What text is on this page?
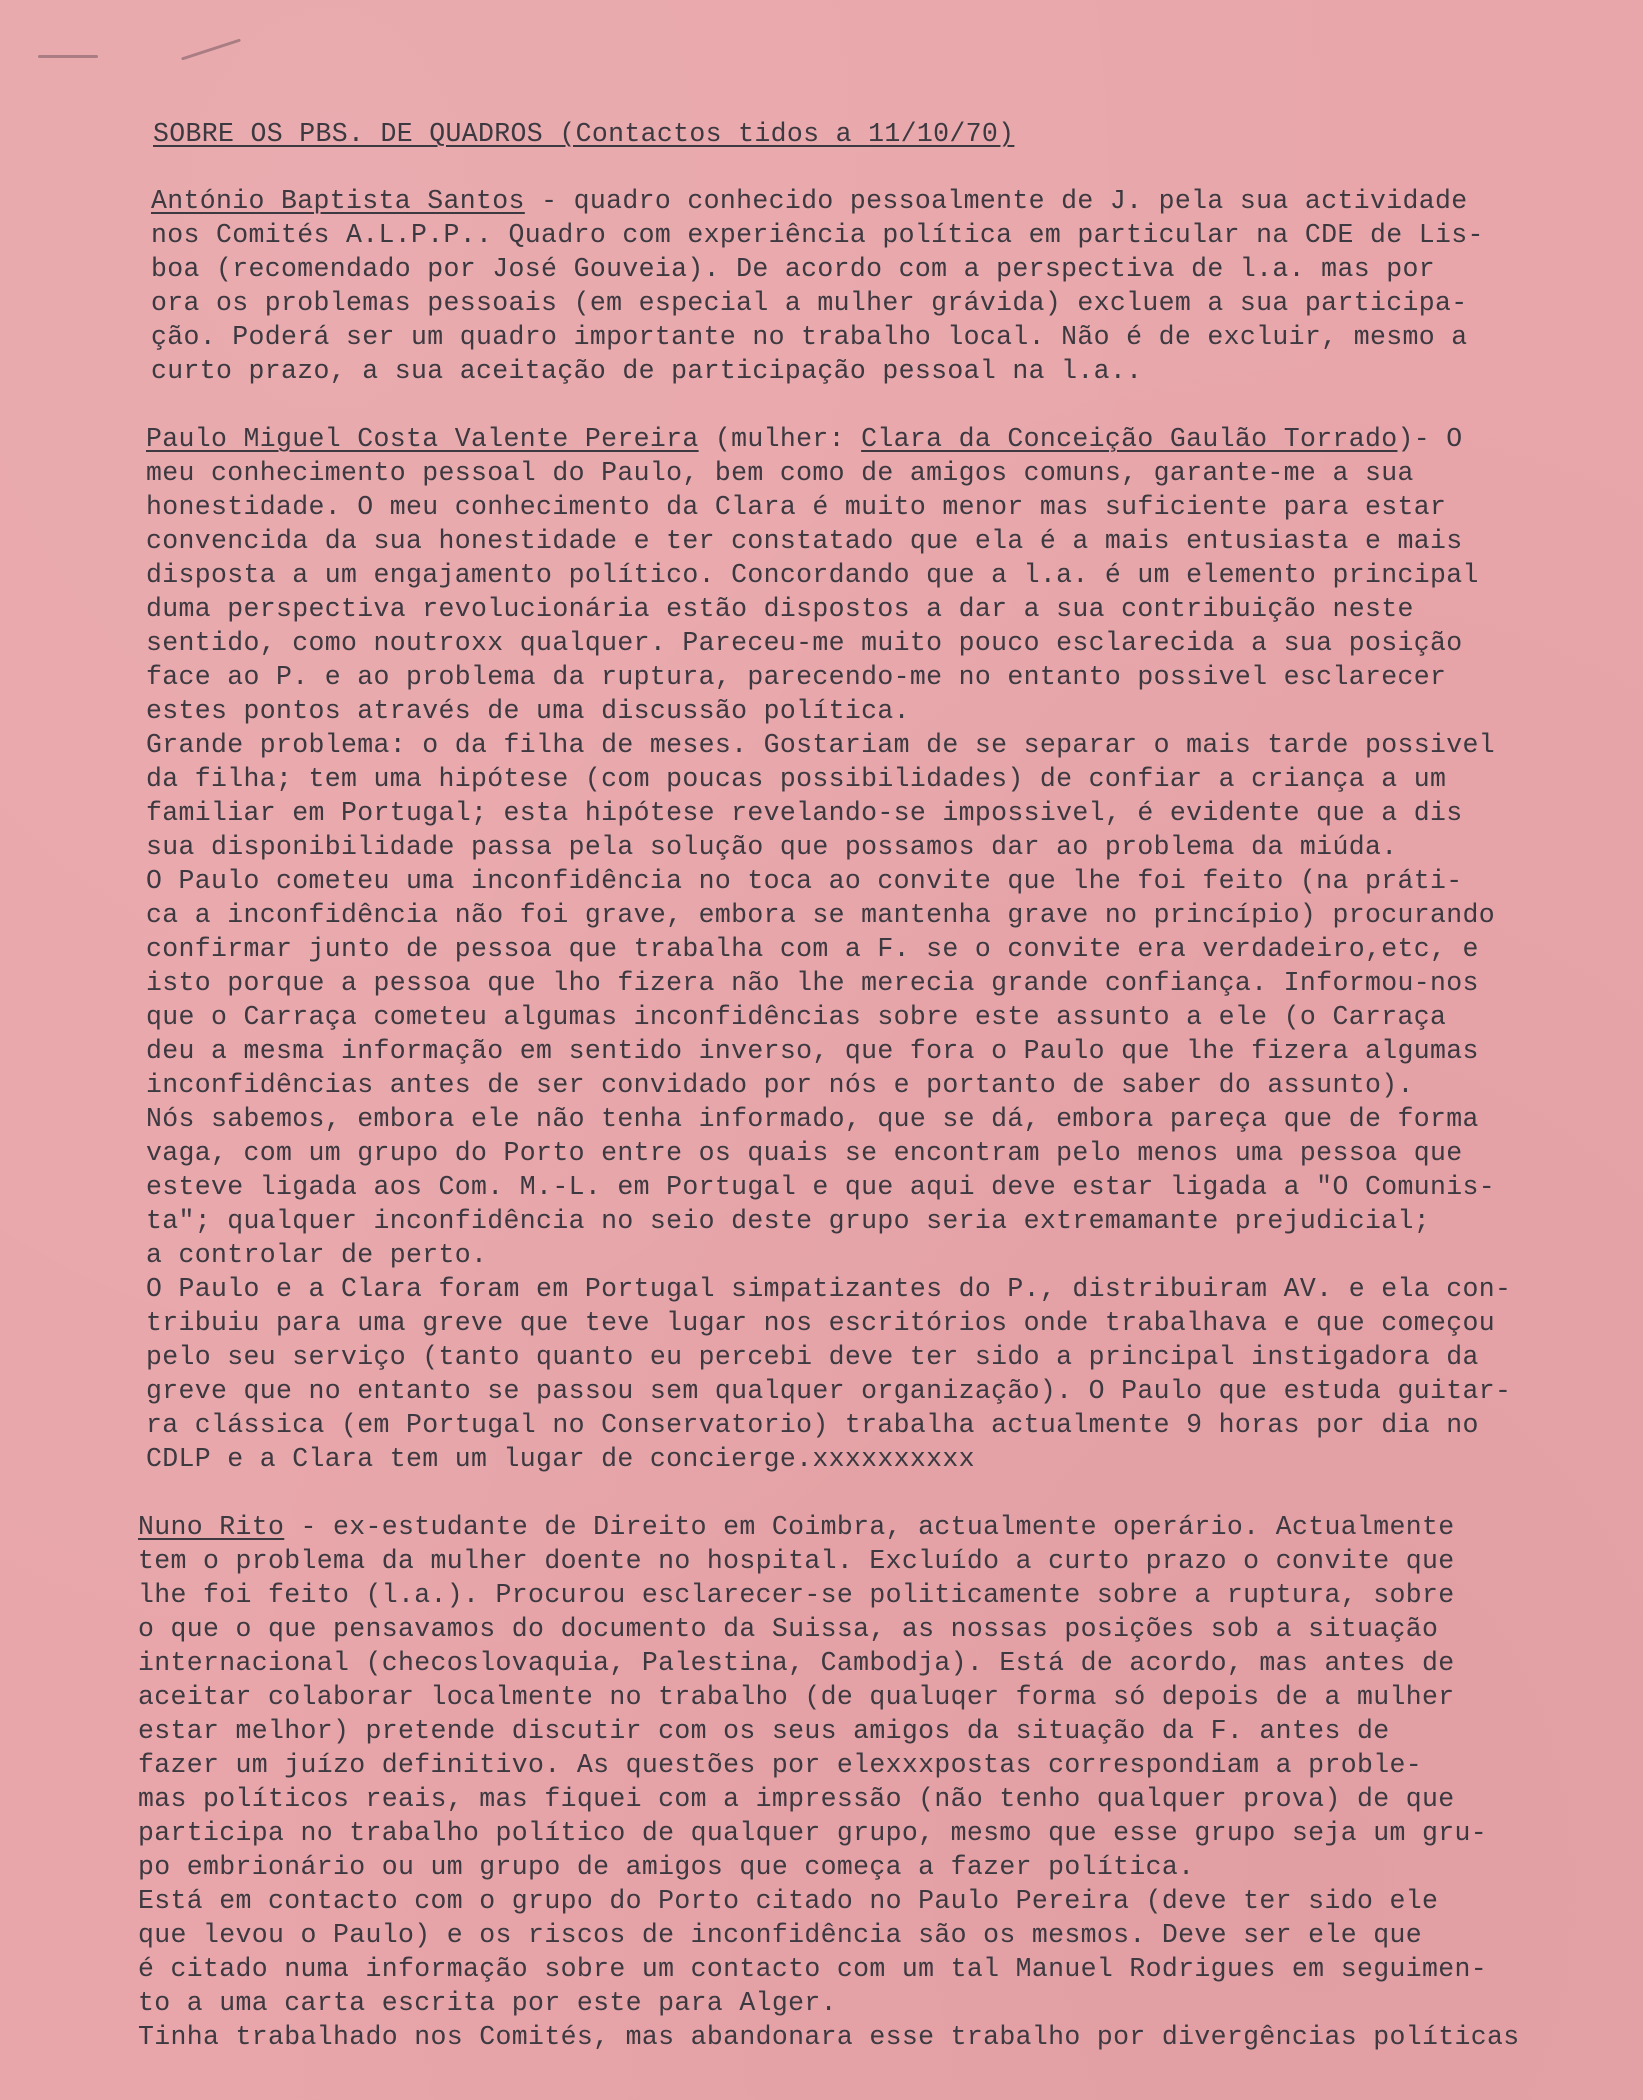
SOBRE OS PBS. DE QUADROS (Contactos tidos a 11/10/70)
António Baptista Santos - quadro conhecido pessoalmente de J. pela sua actividade
nos Comités A.L.P.P.. Quadro com experiência política em particular na CDE de Lis-
boa (recomendado por José Gouveia). De acordo com a perspectiva de l.a. mas por
ora os problemas pessoais (em especial a mulher grávida) excluem a sua participa-
ção. Poderá ser um quadro importante no trabalho local. Não é de excluir, mesmo a
curto prazo, a sua aceitação de participação pessoal na l.a..
Paulo Miguel Costa Valente Pereira (mulher: Clara da Conceição Gaulão Torrado)- O
meu conhecimento pessoal do Paulo, bem como de amigos comuns, garante-me a sua
honestidade. O meu conhecimento da Clara é muito menor mas suficiente para estar
convencida da sua honestidade e ter constatado que ela é a mais entusiasta e mais
disposta a um engajamento político. Concordando que a l.a. é um elemento principal
duma perspectiva revolucionária estão dispostos a dar a sua contribuição neste
sentido, como noutroxx qualquer. Pareceu-me muito pouco esclarecida a sua posição
face ao P. e ao problema da ruptura, parecendo-me no entanto possivel esclarecer
estes pontos através de uma discussão política.
Grande problema: o da filha de meses. Gostariam de se separar o mais tarde possivel
da filha; tem uma hipótese (com poucas possibilidades) de confiar a criança a um
familiar em Portugal; esta hipótese revelando-se impossivel, é evidente que a dis
sua disponibilidade passa pela solução que possamos dar ao problema da miúda.
O Paulo cometeu uma inconfidência no toca ao convite que lhe foi feito (na práti-
ca a inconfidência não foi grave, embora se mantenha grave no princípio) procurando
confirmar junto de pessoa que trabalha com a F. se o convite era verdadeiro,etc, e
isto porque a pessoa que lho fizera não lhe merecia grande confiança. Informou-nos
que o Carraça cometeu algumas inconfidências sobre este assunto a ele (o Carraça
deu a mesma informação em sentido inverso, que fora o Paulo que lhe fizera algumas
inconfidências antes de ser convidado por nós e portanto de saber do assunto).
Nós sabemos, embora ele não tenha informado, que se dá, embora pareça que de forma
vaga, com um grupo do Porto entre os quais se encontram pelo menos uma pessoa que
esteve ligada aos Com. M.-L. em Portugal e que aqui deve estar ligada a "O Comunis-
ta"; qualquer inconfidência no seio deste grupo seria extremamante prejudicial;
a controlar de perto.
O Paulo e a Clara foram em Portugal simpatizantes do P., distribuiram AV. e ela con-
tribuiu para uma greve que teve lugar nos escritórios onde trabalhava e que começou
pelo seu serviço (tanto quanto eu percebi deve ter sido a principal instigadora da
greve que no entanto se passou sem qualquer organização). O Paulo que estuda guitar-
ra clássica (em Portugal no Conservatorio) trabalha actualmente 9 horas por dia no
CDLP e a Clara tem um lugar de concierge.xxxxxxxxxx
Nuno Rito - ex-estudante de Direito em Coimbra, actualmente operário. Actualmente
tem o problema da mulher doente no hospital. Excluído a curto prazo o convite que
lhe foi feito (l.a.). Procurou esclarecer-se politicamente sobre a ruptura, sobre
o que o que pensavamos do documento da Suissa, as nossas posições sob a situação
internacional (checoslovaquia, Palestina, Cambodja). Está de acordo, mas antes de
aceitar colaborar localmente no trabalho (de qualuqer forma só depois de a mulher
estar melhor) pretende discutir com os seus amigos da situação da F. antes de
fazer um juízo definitivo. As questões por elexxxpostas correspondiam a proble-
mas políticos reais, mas fiquei com a impressão (não tenho qualquer prova) de que
participa no trabalho político de qualquer grupo, mesmo que esse grupo seja um gru-
po embrionário ou um grupo de amigos que começa a fazer política.
Está em contacto com o grupo do Porto citado no Paulo Pereira (deve ter sido ele
que levou o Paulo) e os riscos de inconfidência são os mesmos. Deve ser ele que
é citado numa informação sobre um contacto com um tal Manuel Rodrigues em seguimen-
to a uma carta escrita por este para Alger.
Tinha trabalhado nos Comités, mas abandonara esse trabalho por divergências políticas
